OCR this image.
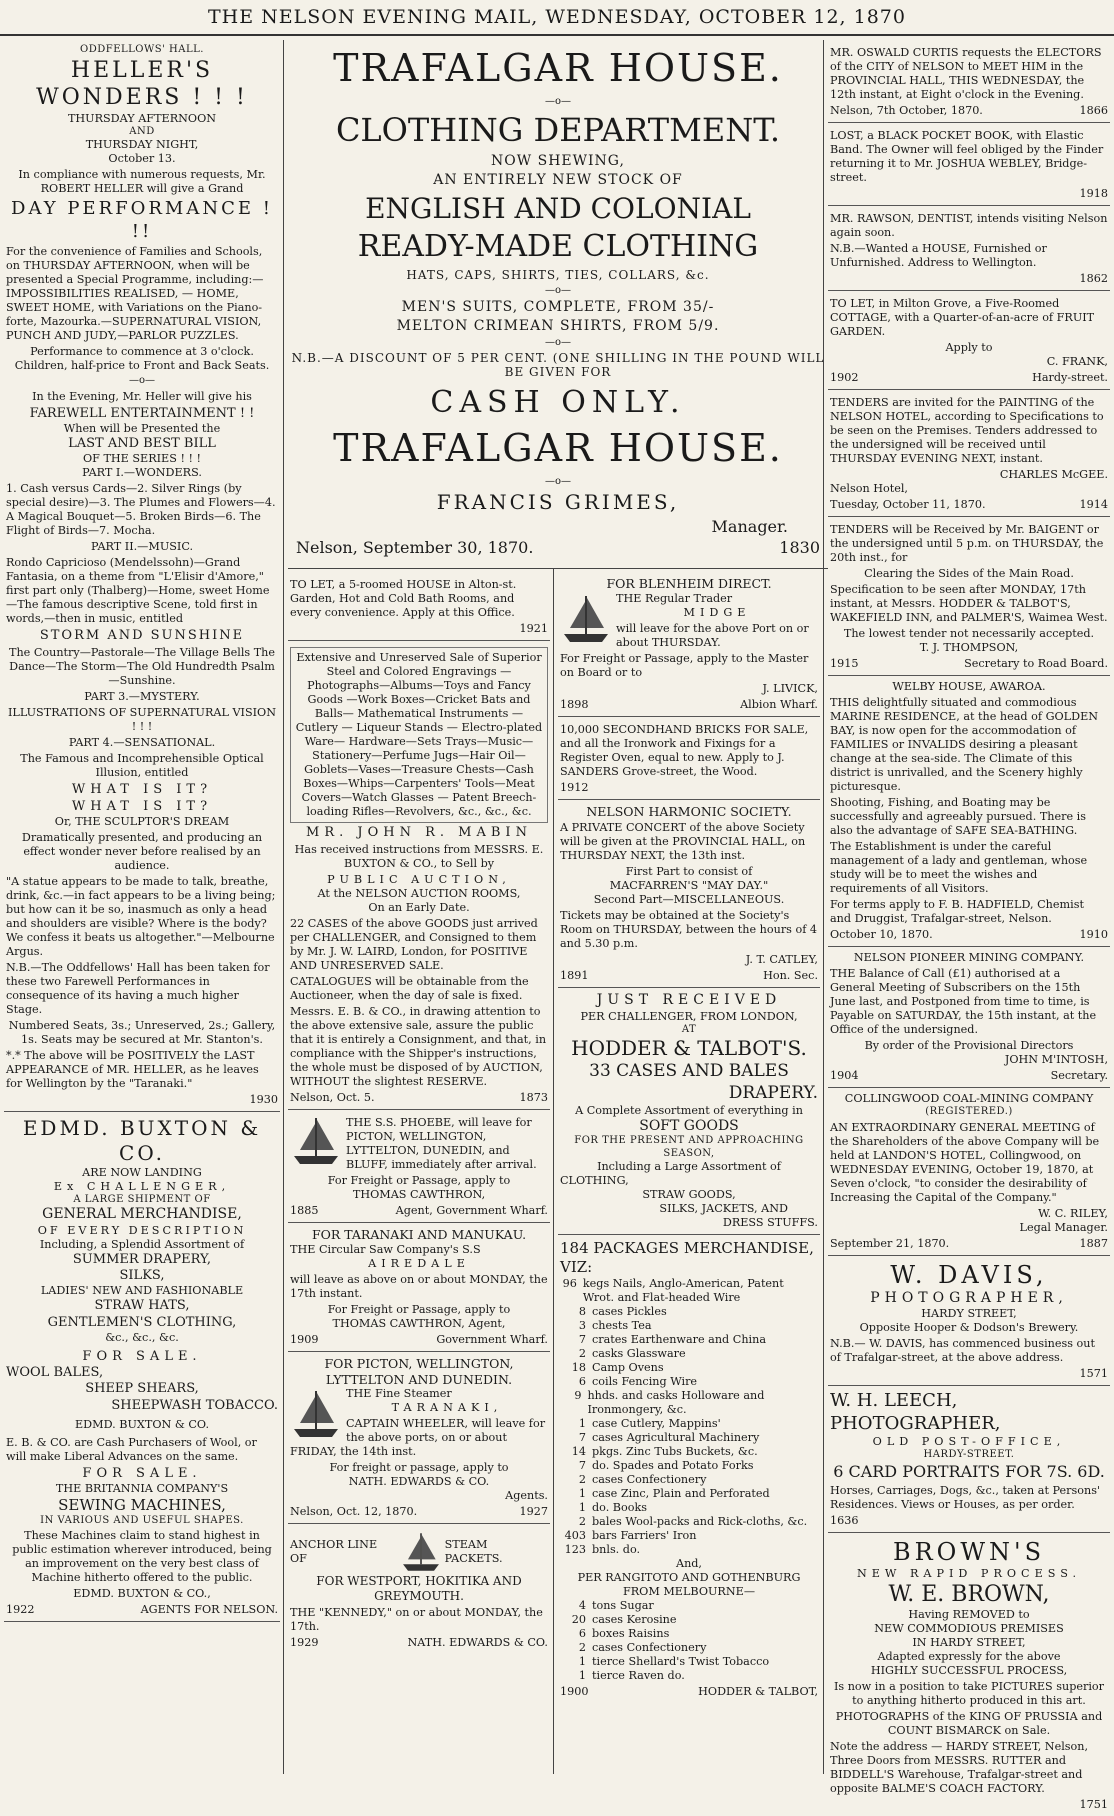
THE NELSON EVENING MAIL, WEDNESDAY, OCTOBER 12, 1870
ODDFELLOWS' HALL.
HELLER'S WONDERS ! ! !
THURSDAY AFTERNOON
AND
THURSDAY NIGHT,
October 13.

In compliance with numerous requests, Mr. ROBERT HELLER will give a Grand

DAY PERFORMANCE ! !!

For the convenience of Families and Schools, on THURSDAY AFTERNOON, when will be presented a Special Programme, including:— IMPOSSIBILITIES REALISED, — HOME, SWEET HOME, with Variations on the Piano-forte, Mazourka.—SUPERNATURAL VISION, PUNCH AND JUDY,—PARLOR PUZZLES.

Performance to commence at 3 o'clock. Children, half-price to Front and Back Seats.

—o—

In the Evening, Mr. Heller will give his

FAREWELL ENTERTAINMENT ! !
When will be Presented the
LAST AND BEST BILL
OF THE SERIES ! ! !
PART I.—WONDERS.

1. Cash versus Cards—2. Silver Rings (by special desire)—3. The Plumes and Flowers—4. A Magical Bouquet—5. Broken Birds—6. The Flight of Birds—7. Mocha.

PART II.—MUSIC.

Rondo Capricioso (Mendelssohn)—Grand Fantasia, on a theme from "L'Elisir d'Amore," first part only (Thalberg)—Home, sweet Home—The famous descriptive Scene, told first in words,—then in music, entitled

STORM AND SUNSHINE

The Country—Pastorale—The Village Bells The Dance—The Storm—The Old Hundredth Psalm—Sunshine.

PART 3.—MYSTERY.

ILLUSTRATIONS OF SUPERNATURAL VISION ! ! !

PART 4.—SENSATIONAL.

The Famous and Incomprehensible Optical Illusion, entitled

WHAT IS IT?
WHAT IS IT?
Or, THE SCULPTOR'S DREAM

Dramatically presented, and producing an effect wonder never before realised by an audience.

"A statue appears to be made to talk, breathe, drink, &c.—in fact appears to be a living being; but how can it be so, inasmuch as only a head and shoulders are visible? Where is the body? We confess it beats us altogether."—Melbourne Argus.

N.B.—The Oddfellows' Hall has been taken for these two Farewell Performances in consequence of its having a much higher Stage.

Numbered Seats, 3s.; Unreserved, 2s.; Gallery, 1s. Seats may be secured at Mr. Stanton's.

*.* The above will be POSITIVELY the LAST APPEARANCE of MR. HELLER, as he leaves for Wellington by the "Taranaki."

1930
EDMD. BUXTON & CO.
ARE NOW LANDING
Ex CHALLENGER,
A LARGE SHIPMENT OF
GENERAL MERCHANDISE,
OF EVERY DESCRIPTION
Including, a Splendid Assortment of
SUMMER DRAPERY,
SILKS,
LADIES' NEW AND FASHIONABLE
STRAW HATS,
GENTLEMEN'S CLOTHING,
&c., &c., &c.
FOR SALE.
WOOL BALES,
SHEEP SHEARS,
SHEEPWASH TOBACCO.
EDMD. BUXTON & CO.

E. B. & CO. are Cash Purchasers of Wool, or will make Liberal Advances on the same.

FOR SALE.
THE BRITANNIA COMPANY'S
SEWING MACHINES,
IN VARIOUS AND USEFUL SHAPES.

These Machines claim to stand highest in public estimation wherever introduced, being an improvement on the very best class of Machine hitherto offered to the public.

EDMD. BUXTON & CO.,
1922	AGENTS FOR NELSON.
TRAFALGAR HOUSE.
—o—
CLOTHING DEPARTMENT.
NOW SHEWING,
AN ENTIRELY NEW STOCK OF
ENGLISH AND COLONIAL
READY-MADE CLOTHING
HATS, CAPS, SHIRTS, TIES, COLLARS, &c.
—o—
MEN'S SUITS, COMPLETE, FROM 35/-
MELTON CRIMEAN SHIRTS, FROM 5/9.
—o—
N.B.—A DISCOUNT OF 5 PER CENT. (ONE SHILLING IN THE POUND WILL BE GIVEN FOR
CASH ONLY.
TRAFALGAR HOUSE.
—o—
FRANCIS GRIMES,
Manager.
Nelson, September 30, 1870.	1830

TO LET, a 5-roomed HOUSE in Alton-st. Garden, Hot and Cold Bath Rooms, and every convenience. Apply at this Office.

1921

Extensive and Unreserved Sale of Superior Steel and Colored Engravings — Photographs—Albums—Toys and Fancy Goods —Work Boxes—Cricket Bats and Balls— Mathematical Instruments — Cutlery — Liqueur Stands — Electro-plated Ware— Hardware—Sets Trays—Music—Stationery—Perfume Jugs—Hair Oil—Goblets—Vases—Treasure Chests—Cash Boxes—Whips—Carpenters' Tools—Meat Covers—Watch Glasses — Patent Breech-loading Rifles—Revolvers, &c., &c., &c.

MR. JOHN R. MABIN

Has received instructions from MESSRS. E. BUXTON & CO., to Sell by

PUBLIC AUCTION,
At the NELSON AUCTION ROOMS,
On an Early Date.

22 CASES of the above GOODS just arrived per CHALLENGER, and Consigned to them by Mr. J. W. LAIRD, London, for POSITIVE AND UNRESERVED SALE.

CATALOGUES will be obtainable from the Auctioneer, when the day of sale is fixed.

Messrs. E. B. & CO., in drawing attention to the above extensive sale, assure the public that it is entirely a Consignment, and that, in compliance with the Shipper's instructions, the whole must be disposed of by AUCTION, WITHOUT the slightest RESERVE.

Nelson, Oct. 5.	1873

THE S.S. PHOEBE, will leave for PICTON, WELLINGTON, LYTTELTON, DUNEDIN, and BLUFF, immediately after arrival.

For Freight or Passage, apply to
THOMAS CAWTHRON,
1885	Agent, Government Wharf.
FOR TARANAKI AND MANUKAU.
THE Circular Saw Company's S.S
AIREDALE

will leave as above on or about MONDAY, the 17th instant.

For Freight or Passage, apply to
THOMAS CAWTHRON, Agent,
1909	Government Wharf.
FOR PICTON, WELLINGTON, LYTTELTON AND DUNEDIN.
THE Fine Steamer
TARANAKI,

CAPTAIN WHEELER, will leave for the above ports, on or about FRIDAY, the 14th inst.

For freight or passage, apply to
NATH. EDWARDS & CO.
Agents.
Nelson, Oct. 12, 1870.	1927
ANCHOR LINE OF
STEAM PACKETS.
FOR WESTPORT, HOKITIKA AND GREYMOUTH.

THE "KENNEDY," on or about MONDAY, the 17th.

1929	NATH. EDWARDS & CO.
FOR BLENHEIM DIRECT.
THE Regular Trader
MIDGE

will leave for the above Port on or about THURSDAY.

For Freight or Passage, apply to the Master on Board or to

J. LIVICK,
1898	Albion Wharf.

10,000 SECONDHAND BRICKS FOR SALE, and all the Ironwork and Fixings for a Register Oven, equal to new. Apply to J. SANDERS Grove-street, the Wood.

1912
NELSON HARMONIC SOCIETY.

A PRIVATE CONCERT of the above Society will be given at the PROVINCIAL HALL, on THURSDAY NEXT, the 13th inst.

First Part to consist of
MACFARREN'S "MAY DAY."
Second Part—MISCELLANEOUS.

Tickets may be obtained at the Society's Room on THURSDAY, between the hours of 4 and 5.30 p.m.

J. T. CATLEY,
1891	Hon. Sec.
JUST RECEIVED
PER CHALLENGER, FROM LONDON,
AT
HODDER & TALBOT'S.
33 CASES AND BALES
DRAPERY.
A Complete Assortment of everything in
SOFT GOODS
FOR THE PRESENT AND APPROACHING SEASON,
Including a Large Assortment of
CLOTHING,
STRAW GOODS,
SILKS, JACKETS, AND
DRESS STUFFS.
184 PACKAGES MERCHANDISE, VIZ:
96 kegs Nails, Anglo-American, Patent Wrot. and Flat-headed Wire
8 cases Pickles
3 chests Tea
7 crates Earthenware and China
2 casks Glassware
18 Camp Ovens
6 coils Fencing Wire
9 hhds. and casks Holloware and Ironmongery, &c.
1 case Cutlery, Mappins'
7 cases Agricultural Machinery
14 pkgs. Zinc Tubs Buckets, &c.
7 do. Spades and Potato Forks
2 cases Confectionery
1 case Zinc, Plain and Perforated
1 do. Books
2 bales Wool-packs and Rick-cloths, &c.
403 bars Farriers' Iron
123 bnls. do.
And,
PER RANGITOTO AND GOTHENBURG
FROM MELBOURNE—
4 tons Sugar
20 cases Kerosine
6 boxes Raisins
2 cases Confectionery
1 tierce Shellard's Twist Tobacco
1 tierce Raven do.
1900	HODDER & TALBOT,

MR. OSWALD CURTIS requests the ELECTORS of the CITY of NELSON to MEET HIM in the PROVINCIAL HALL, THIS WEDNESDAY, the 12th instant, at Eight o'clock in the Evening.

Nelson, 7th October, 1870.	1866

LOST, a BLACK POCKET BOOK, with Elastic Band. The Owner will feel obliged by the Finder returning it to Mr. JOSHUA WEBLEY, Bridge-street.

1918

MR. RAWSON, DENTIST, intends visiting Nelson again soon.

N.B.—Wanted a HOUSE, Furnished or Unfurnished. Address to Wellington.

1862

TO LET, in Milton Grove, a Five-Roomed COTTAGE, with a Quarter-of-an-acre of FRUIT GARDEN.

Apply to
C. FRANK,
1902	Hardy-street.

TENDERS are invited for the PAINTING of the NELSON HOTEL, according to Specifications to be seen on the Premises. Tenders addressed to the undersigned will be received until THURSDAY EVENING NEXT, instant.

CHARLES McGEE.
Nelson Hotel,
Tuesday, October 11, 1870.	1914

TENDERS will be Received by Mr. BAIGENT or the undersigned until 5 p.m. on THURSDAY, the 20th inst., for

Clearing the Sides of the Main Road.

Specification to be seen after MONDAY, 17th instant, at Messrs. HODDER & TALBOT'S, WAKEFIELD INN, and PALMER'S, Waimea West.

The lowest tender not necessarily accepted.
T. J. THOMPSON,
1915	Secretary to Road Board.
WELBY HOUSE, AWAROA.

THIS delightfully situated and commodious MARINE RESIDENCE, at the head of GOLDEN BAY, is now open for the accommodation of FAMILIES or INVALIDS desiring a pleasant change at the sea-side. The Climate of this district is unrivalled, and the Scenery highly picturesque.

Shooting, Fishing, and Boating may be successfully and agreeably pursued. There is also the advantage of SAFE SEA-BATHING.

The Establishment is under the careful management of a lady and gentleman, whose study will be to meet the wishes and requirements of all Visitors.

For terms apply to F. B. HADFIELD, Chemist and Druggist, Trafalgar-street, Nelson.

October 10, 1870.	1910
NELSON PIONEER MINING COMPANY.

THE Balance of Call (£1) authorised at a General Meeting of Subscribers on the 15th June last, and Postponed from time to time, is Payable on SATURDAY, the 15th instant, at the Office of the undersigned.

By order of the Provisional Directors
JOHN M'INTOSH,
1904	Secretary.
COLLINGWOOD COAL-MINING COMPANY
(REGISTERED.)

AN EXTRAORDINARY GENERAL MEETING of the Shareholders of the above Company will be held at LANDON'S HOTEL, Collingwood, on WEDNESDAY EVENING, October 19, 1870, at Seven o'clock, "to consider the desirability of Increasing the Capital of the Company."

W. C. RILEY,
Legal Manager.
September 21, 1870.	1887
W. DAVIS,
PHOTOGRAPHER,
HARDY STREET,
Opposite Hooper & Dodson's Brewery.

N.B.— W. DAVIS, has commenced business out of Trafalgar-street, at the above address.

1571
W. H. LEECH, PHOTOGRAPHER,
OLD POST-OFFICE,
HARDY-STREET.
6 CARD PORTRAITS FOR 7S. 6D.

Horses, Carriages, Dogs, &c., taken at Persons' Residences. Views or Houses, as per order.

1636
BROWN'S
NEW RAPID PROCESS.
W. E. BROWN,
Having REMOVED to
NEW COMMODIOUS PREMISES
IN HARDY STREET,
Adapted expressly for the above
HIGHLY SUCCESSFUL PROCESS,

Is now in a position to take PICTURES superior to anything hitherto produced in this art.

PHOTOGRAPHS of the KING OF PRUSSIA and COUNT BISMARCK on Sale.

Note the address — HARDY STREET, Nelson, Three Doors from MESSRS. RUTTER and BIDDELL'S Warehouse, Trafalgar-street and opposite BALME'S COACH FACTORY.

1751
